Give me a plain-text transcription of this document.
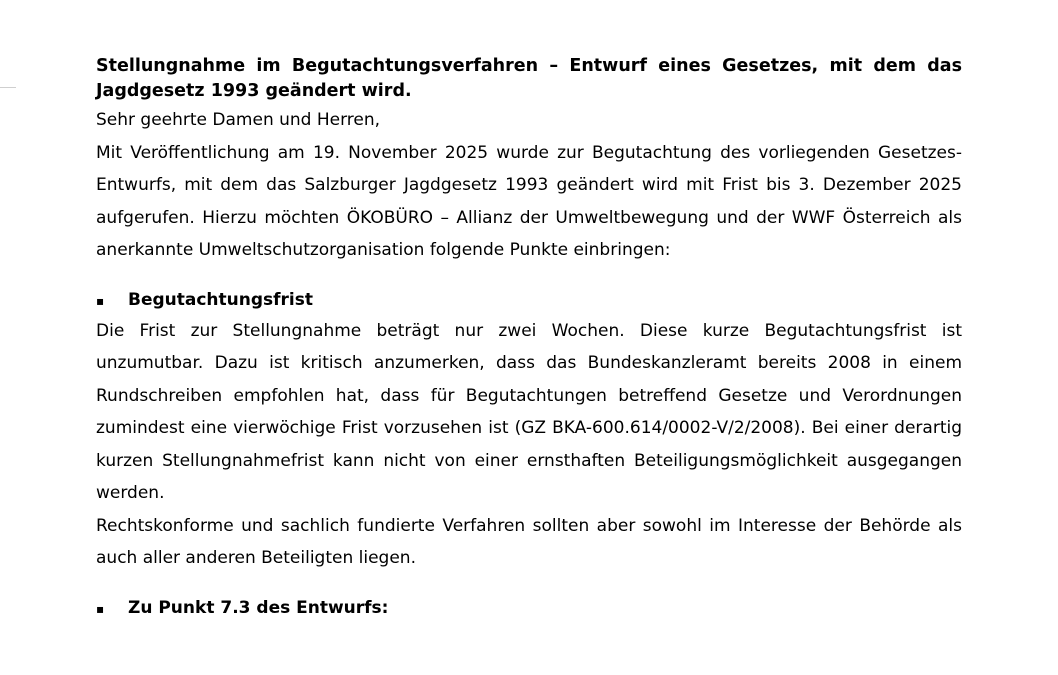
Stellungnahme im Begutachtungsverfahren – Entwurf eines Gesetzes, mit dem das Jagdgesetz 1993 geändert wird.

Sehr geehrte Damen und Herren,

Mit Veröffentlichung am 19. November 2025 wurde zur Begutachtung des vorliegenden Gesetzes-Entwurfs, mit dem das Salzburger Jagdgesetz 1993 geändert wird mit Frist bis 3. Dezember 2025 aufgerufen. Hierzu möchten ÖKOBÜRO – Allianz der Umweltbewegung und der WWF Österreich als anerkannte Umweltschutzorganisation folgende Punkte einbringen:

▪	Begutachtungsfrist

Die Frist zur Stellungnahme beträgt nur zwei Wochen. Diese kurze Begutachtungsfrist ist unzumutbar. Dazu ist kritisch anzumerken, dass das Bundeskanzleramt bereits 2008 in einem Rundschreiben empfohlen hat, dass für Begutachtungen betreffend Gesetze und Verordnungen zumindest eine vierwöchige Frist vorzusehen ist (GZ BKA-600.614/0002-V/2/2008). Bei einer derartig kurzen Stellungnahmefrist kann nicht von einer ernsthaften Beteiligungsmöglichkeit ausgegangen werden.

Rechtskonforme und sachlich fundierte Verfahren sollten aber sowohl im Interesse der Behörde als auch aller anderen Beteiligten liegen.

▪	Zu Punkt 7.3 des Entwurfs:
